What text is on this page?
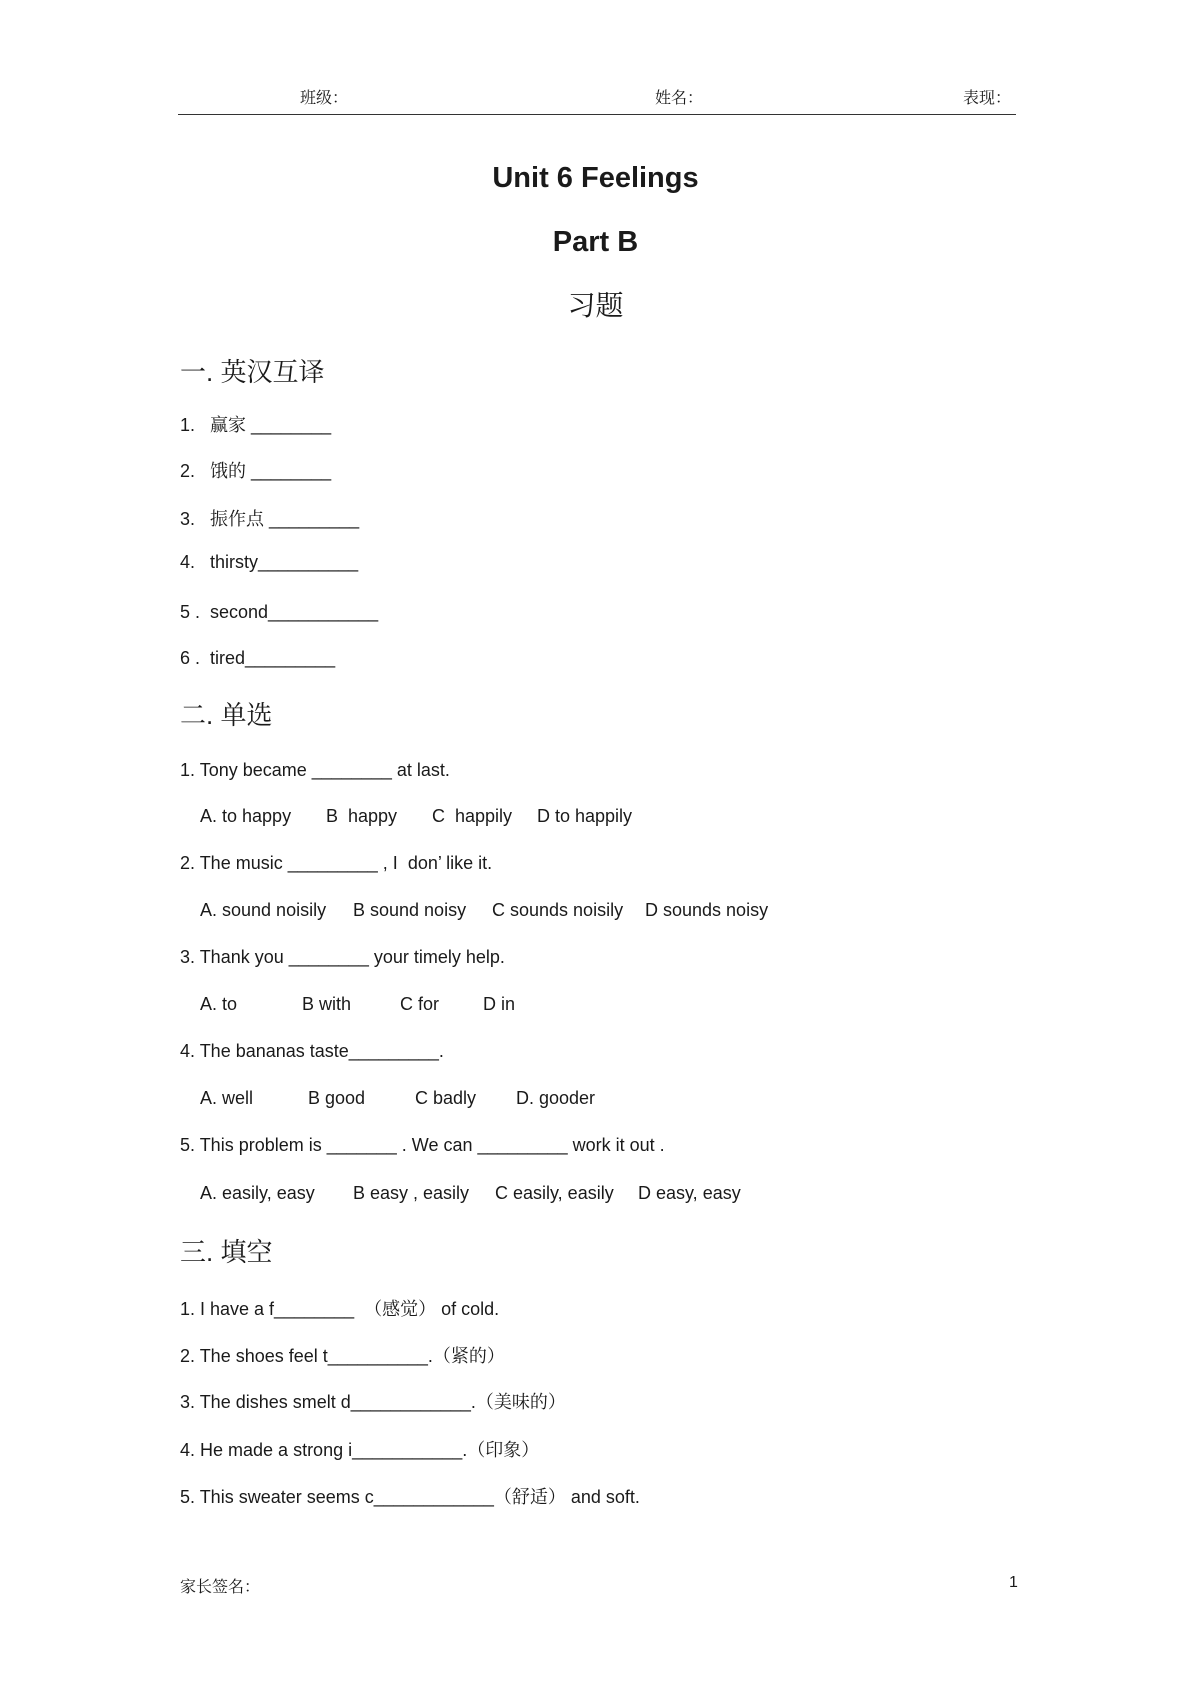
班级：	姓名：	表现：
Unit 6 Feelings
Part B
习题
一. 英汉互译
1.   赢家 ________
2.   饿的 ________
3.   振作点 _________
4.   thirsty__________
5 .  second___________
6 .  tired_________
二. 单选
1. Tony became ________ at last.
A. to happy B  happy C  happily D to happily
2. The music _________ , I  don’ like it.
A. sound noisily B sound noisy C sounds noisily D sounds noisy
3. Thank you ________ your timely help.
A. to	B with	C for D in
4. The bananas taste_________.
A. well	B good	C badly D. gooder
5. This problem is _______ . We can _________ work it out .
A. easily, easy B easy , easily C easily, easily D easy, easy
三. 填空
1. I have a f________  （感觉） of cold.
2. The shoes feel t__________.（紧的）
3. The dishes smelt d____________.（美味的）
4. He made a strong i___________.（印象）
5. This sweater seems c____________（舒适） and soft.
家长签名：	1
